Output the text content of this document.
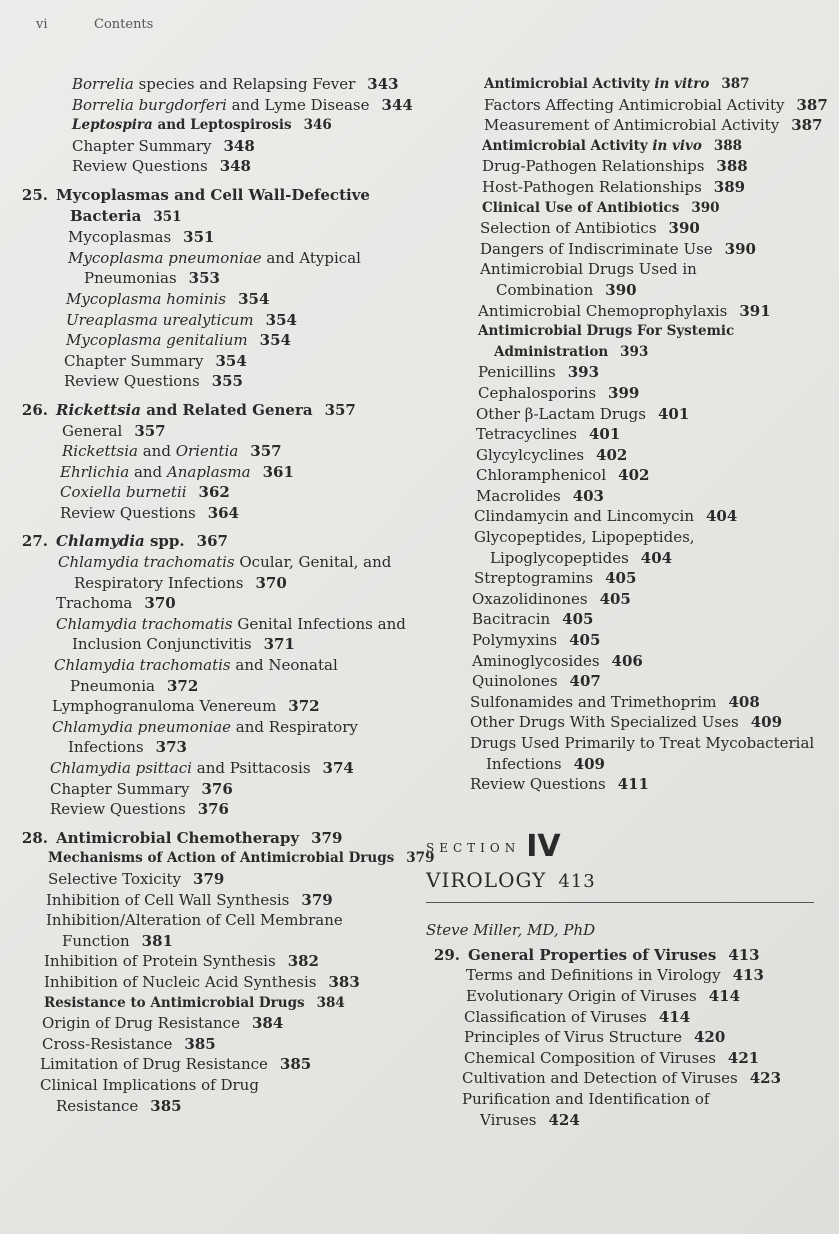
vi	Contents
Borrelia species and Relapsing Fever 343
Borrelia burgdorferi and Lyme Disease 344
Leptospira and Leptospirosis 346
Chapter Summary 348
Review Questions 348
25. Mycoplasmas and Cell Wall-Defective
Bacteria 351
Mycoplasmas 351
Mycoplasma pneumoniae and Atypical
Pneumonias 353
Mycoplasma hominis 354
Ureaplasma urealyticum 354
Mycoplasma genitalium 354
Chapter Summary 354
Review Questions 355
26. Rickettsia and Related Genera 357
General 357
Rickettsia and Orientia 357
Ehrlichia and Anaplasma 361
Coxiella burnetii 362
Review Questions 364
27. Chlamydia spp. 367
Chlamydia trachomatis Ocular, Genital, and
Respiratory Infections 370
Trachoma 370
Chlamydia trachomatis Genital Infections and
Inclusion Conjunctivitis 371
Chlamydia trachomatis and Neonatal
Pneumonia 372
Lymphogranuloma Venereum 372
Chlamydia pneumoniae and Respiratory
Infections 373
Chlamydia psittaci and Psittacosis 374
Chapter Summary 376
Review Questions 376
28. Antimicrobial Chemotherapy 379
Mechanisms of Action of Antimicrobial Drugs 379
Selective Toxicity 379
Inhibition of Cell Wall Synthesis 379
Inhibition/Alteration of Cell Membrane
Function 381
Inhibition of Protein Synthesis 382
Inhibition of Nucleic Acid Synthesis 383
Resistance to Antimicrobial Drugs 384
Origin of Drug Resistance 384
Cross-Resistance 385
Limitation of Drug Resistance 385
Clinical Implications of Drug
Resistance 385
Antimicrobial Activity in vitro 387
Factors Affecting Antimicrobial Activity 387
Measurement of Antimicrobial Activity 387
Antimicrobial Activity in vivo 388
Drug-Pathogen Relationships 388
Host-Pathogen Relationships 389
Clinical Use of Antibiotics 390
Selection of Antibiotics 390
Dangers of Indiscriminate Use 390
Antimicrobial Drugs Used in
Combination 390
Antimicrobial Chemoprophylaxis 391
Antimicrobial Drugs For Systemic
Administration 393
Penicillins 393
Cephalosporins 399
Other β-Lactam Drugs 401
Tetracyclines 401
Glycylcyclines 402
Chloramphenicol 402
Macrolides 403
Clindamycin and Lincomycin 404
Glycopeptides, Lipopeptides,
Lipoglycopeptides 404
Streptogramins 405
Oxazolidinones 405
Bacitracin 405
Polymyxins 405
Aminoglycosides 406
Quinolones 407
Sulfonamides and Trimethoprim 408
Other Drugs With Specialized Uses 409
Drugs Used Primarily to Treat Mycobacterial
Infections 409
Review Questions 411
SECTION IV
VIROLOGY 413
Steve Miller, MD, PhD
29. General Properties of Viruses 413
Terms and Definitions in Virology 413
Evolutionary Origin of Viruses 414
Classification of Viruses 414
Principles of Virus Structure 420
Chemical Composition of Viruses 421
Cultivation and Detection of Viruses 423
Purification and Identification of
Viruses 424
